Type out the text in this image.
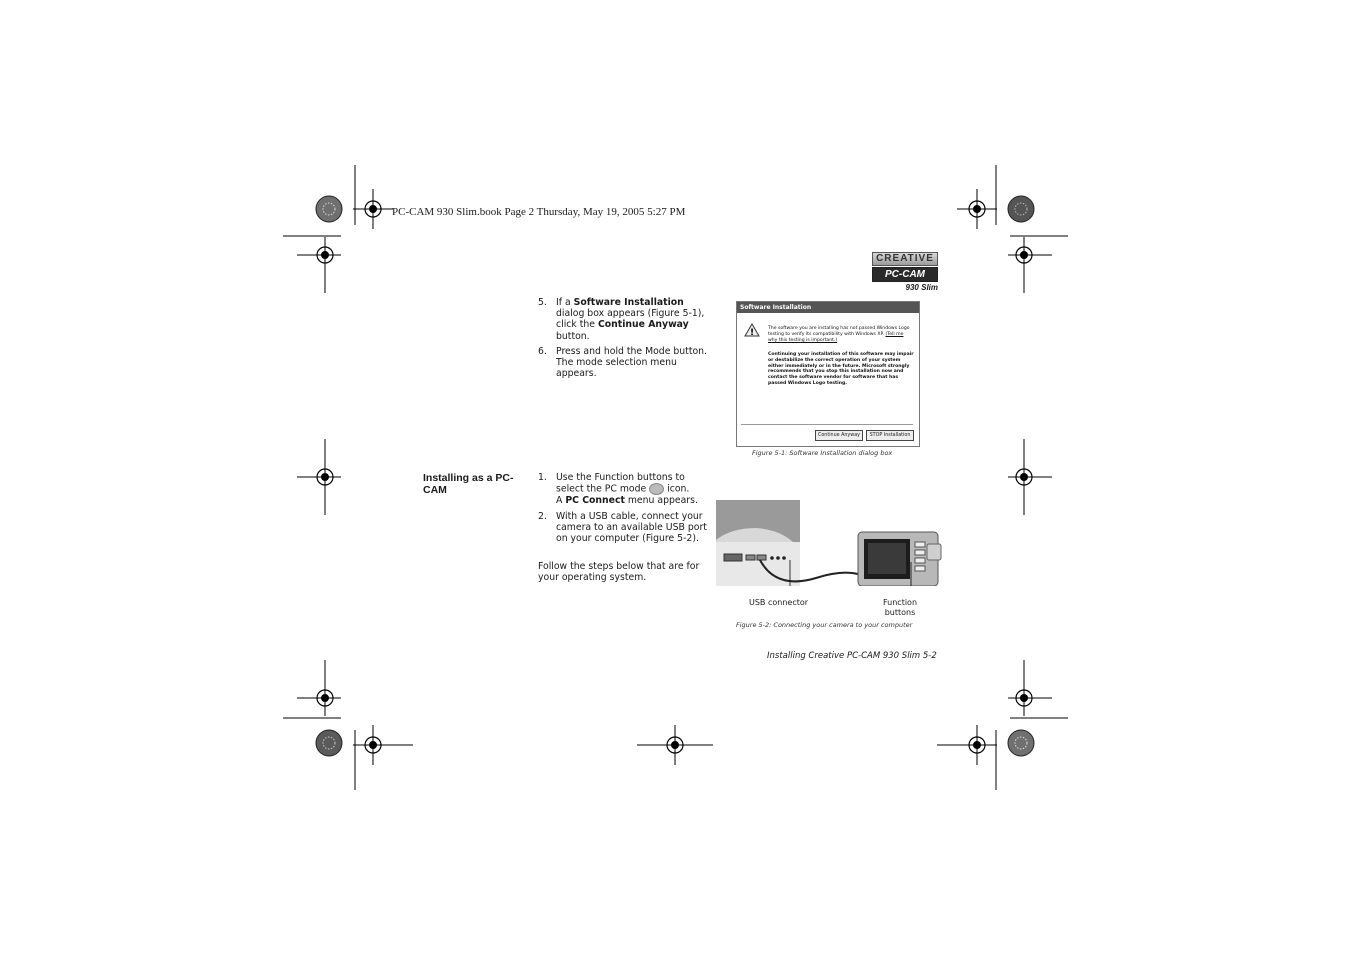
PC-CAM 930 Slim.book Page 2 Thursday, May 19, 2005 5:27 PM
CREATIVE
PC-CAM
930 Slim
5. If a Software Installation dialog box appears (Figure 5-1), click the Continue Anyway button.
6. Press and hold the Mode button.
The mode selection menu appears.
Software Installation
!	The software you are installing has not passed Windows Logo testing to verify its compatibility with Windows XP. (Tell me why this testing is important.)
Continuing your installation of this software may impair or destabilize the correct operation of your system either immediately or in the future. Microsoft strongly recommends that you stop this installation now and contact the software vendor for software that has passed Windows Logo testing.
Continue Anyway	STOP Installation
Figure 5-1: Software Installation dialog box
Installing as a PC-CAM
1. Use the Function buttons to select the PC mode  icon.
A PC Connect menu appears.
2. With a USB cable, connect your camera to an available USB port on your computer (Figure 5-2).
Follow the steps below that are for your operating system.
USB connector	Function buttons
Figure 5-2: Connecting your camera to your computer
Installing Creative PC-CAM 930 Slim 5-2
